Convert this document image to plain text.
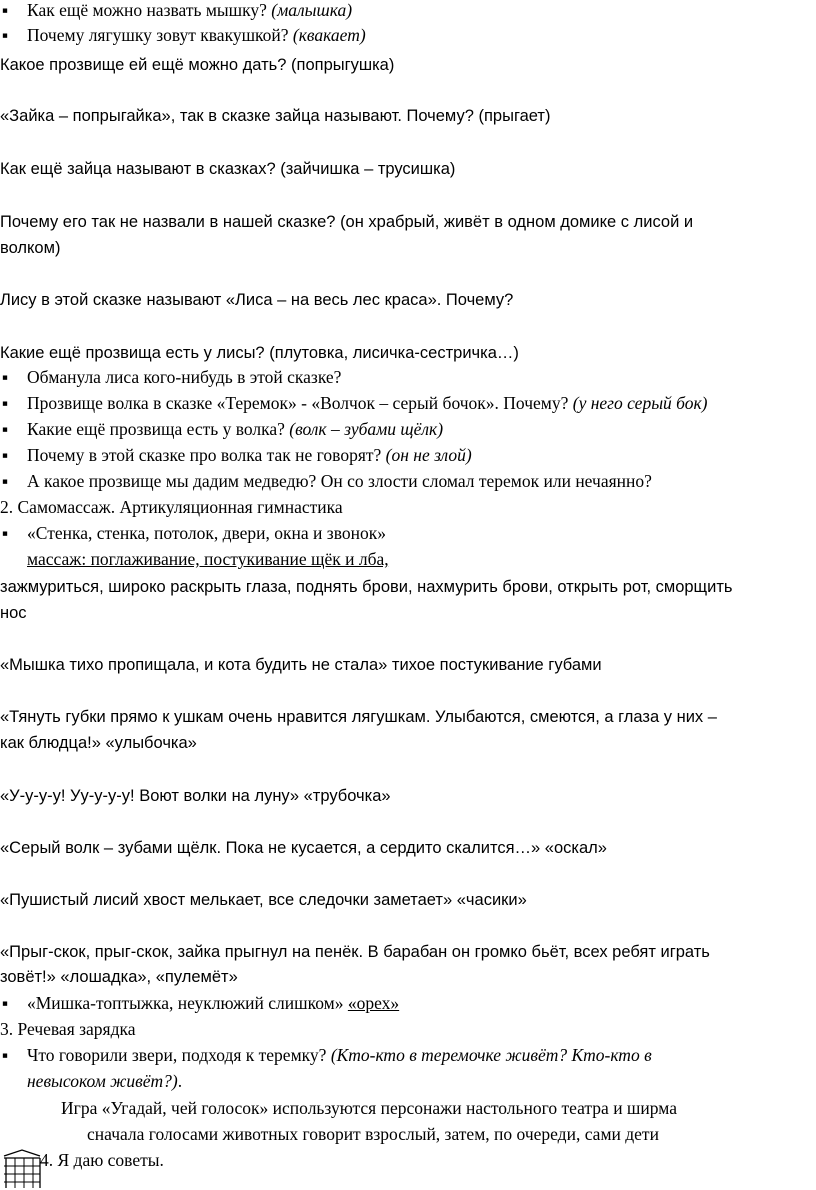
▪ Как ещё можно назвать мышку? (малышка)
▪ Почему лягушку зовут квакушкой? (квакает)
Какое прозвище ей ещё можно дать? (попрыгушка)
«Зайка – попрыгайка», так в сказке зайца называют. Почему? (прыгает)
Как ещё зайца называют в сказках? (зайчишка – трусишка)
Почему его так не назвали в нашей сказке? (он храбрый, живёт в одном домике с лисой и
волком)
Лису в этой сказке называют «Лиса – на весь лес краса». Почему?
Какие ещё прозвища есть у лисы? (плутовка, лисичка-сестричка…)
▪ Обманула лиса кого-нибудь в этой сказке?
▪ Прозвище волка в сказке «Теремок» - «Волчок – серый бочок». Почему? (у него серый бок)
▪ Какие ещё прозвища есть у волка? (волк – зубами щёлк)
▪ Почему в этой сказке про волка так не говорят? (он не злой)
▪ А какое прозвище мы дадим медведю? Он со злости сломал теремок или нечаянно?
2. Самомассаж. Артикуляционная гимнастика
▪ «Стенка, стенка, потолок, двери, окна и звонок»
массаж: поглаживание, постукивание щёк и лба,
зажмуриться, широко раскрыть глаза, поднять брови, нахмурить брови, открыть рот, сморщить
нос
«Мышка тихо пропищала, и кота будить не стала» тихое постукивание губами
«Тянуть губки прямо к ушкам очень нравится лягушкам. Улыбаются, смеются, а глаза у них –
как блюдца!» «улыбочка»
«У-у-у-у! Уу-у-у-у! Воют волки на луну» «трубочка»
«Серый волк – зубами щёлк. Пока не кусается, а сердито скалится…» «оскал»
«Пушистый лисий хвост мелькает, все следочки заметает» «часики»
«Прыг-скок, прыг-скок, зайка прыгнул на пенёк. В барабан он громко бьёт, всех ребят играть
зовёт!» «лошадка», «пулемёт»
▪ «Мишка-топтыжка, неуклюжий слишком» «орех»
3. Речевая зарядка
▪ Что говорили звери, подходя к теремку? (Кто-кто в теремочке живёт? Кто-кто в
невысоком живёт?).
Игра «Угадай, чей голосок» используются персонажи настольного театра и ширма
сначала голосами животных говорит взрослый, затем, по очереди, сами дети
4. Я даю советы.
